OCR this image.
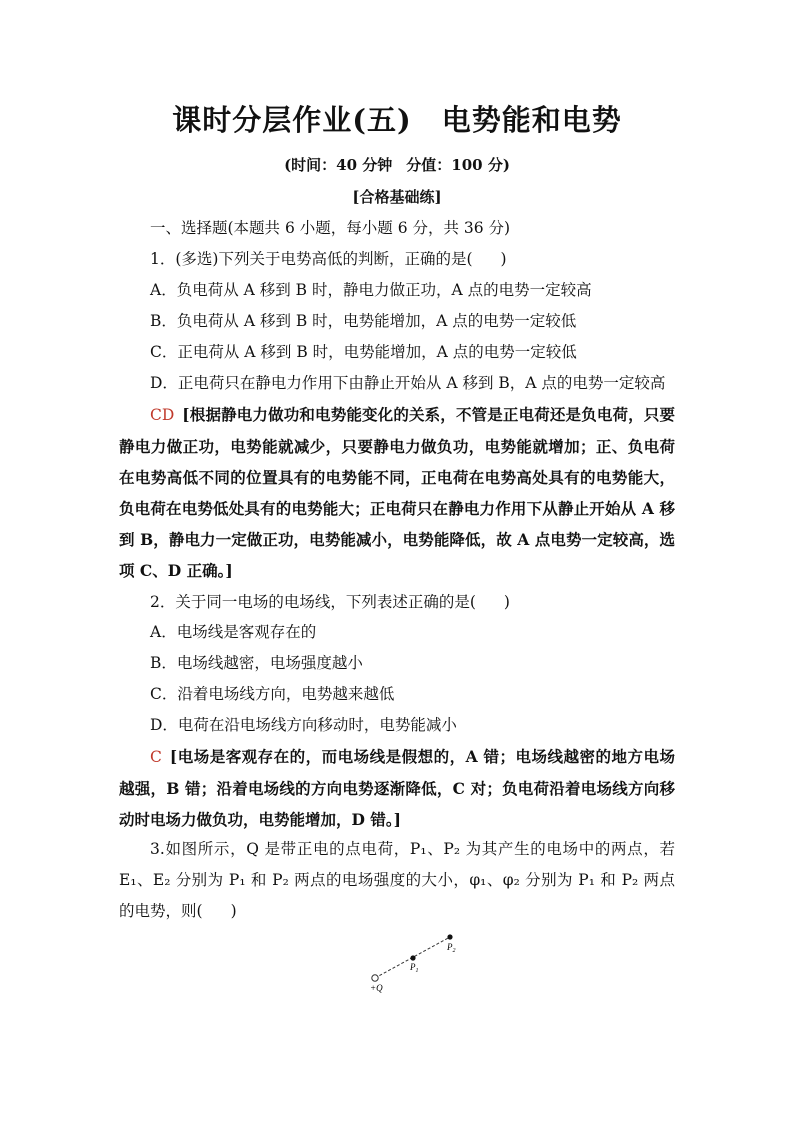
课时分层作业(五) 电势能和电势
(时间：40 分钟 分值：100 分)
[合格基础练]
一、选择题(本题共 6 小题，每小题 6 分，共 36 分)
1．(多选)下列关于电势高低的判断，正确的是( )
A．负电荷从 A 移到 B 时，静电力做正功，A 点的电势一定较高
B．负电荷从 A 移到 B 时，电势能增加，A 点的电势一定较低
C．正电荷从 A 移到 B 时，电势能增加，A 点的电势一定较低
D．正电荷只在静电力作用下由静止开始从 A 移到 B，A 点的电势一定较高
CD [根据静电力做功和电势能变化的关系，不管是正电荷还是负电荷，只要静电力做正功，电势能就减少，只要静电力做负功，电势能就增加；正、负电荷在电势高低不同的位置具有的电势能不同，正电荷在电势高处具有的电势能大，负电荷在电势低处具有的电势能大；正电荷只在静电力作用下从静止开始从 A 移到 B，静电力一定做正功，电势能减小，电势能降低，故 A 点电势一定较高，选项 C、D 正确。]
2．关于同一电场的电场线，下列表述正确的是( )
A．电场线是客观存在的
B．电场线越密，电场强度越小
C．沿着电场线方向，电势越来越低
D．电荷在沿电场线方向移动时，电势能减小
C [电场是客观存在的，而电场线是假想的，A 错；电场线越密的地方电场越强，B 错；沿着电场线的方向电势逐渐降低，C 对；负电荷沿着电场线方向移动时电场力做负功，电势能增加，D 错。]
3.如图所示，Q 是带正电的点电荷，P₁、P₂ 为其产生的电场中的两点，若 E₁、E₂ 分别为 P₁ 和 P₂ 两点的电场强度的大小，φ₁、φ₂ 分别为 P₁ 和 P₂ 两点的电势，则( )
+Q
$P_1$
$P_2$
